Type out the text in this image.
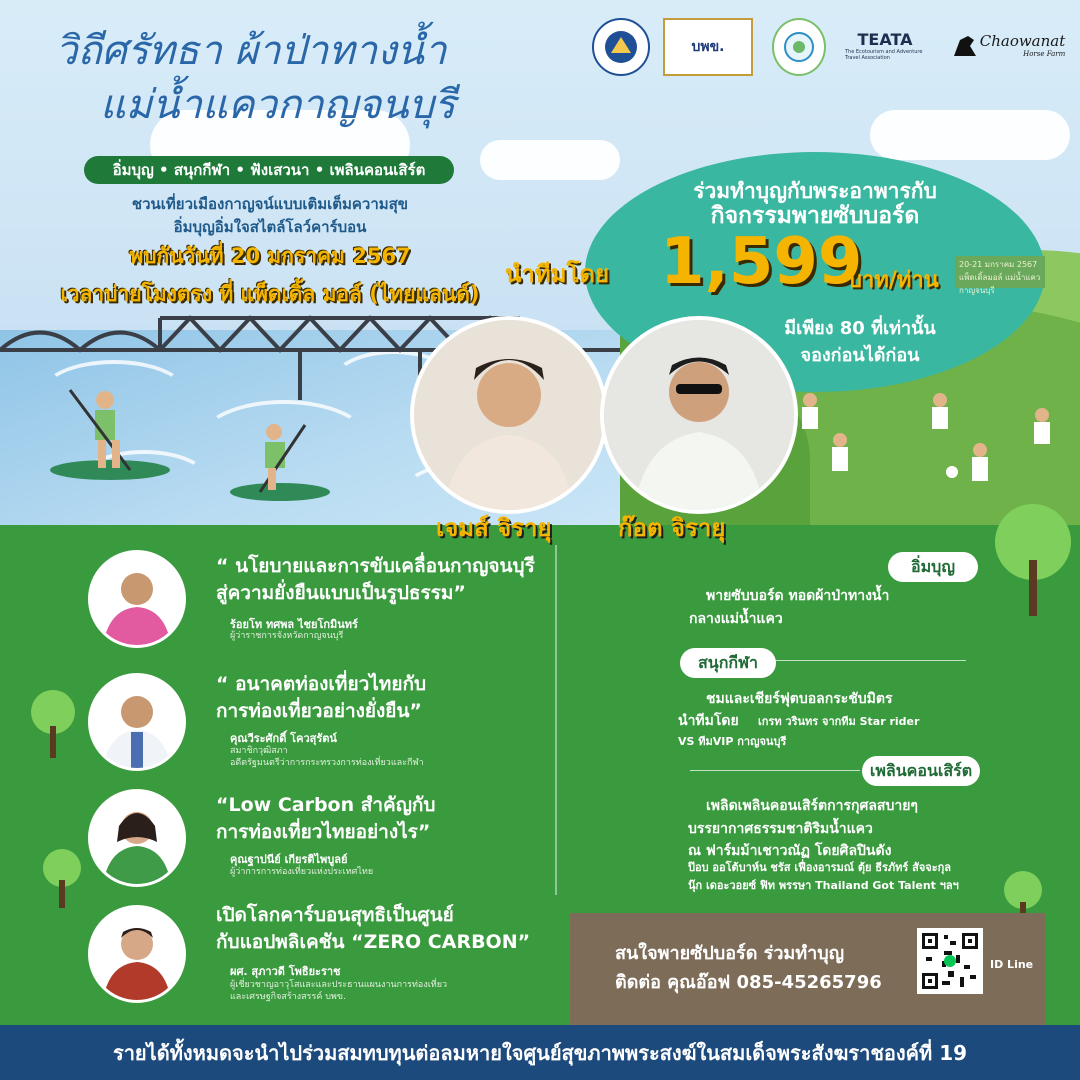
วิถีศรัทธา ผ้าป่าทางน้ำ
แม่น้ำแควกาญจนบุรี
บพข.	TEATA
The Ecotourism and Adventure Travel Association
Chaowanat
Horse Farm
อิ่มบุญ • สนุกกีฬา • ฟังเสวนา • เพลินคอนเสิร์ต
ชวนเที่ยวเมืองกาญจน์แบบเติมเต็มความสุข
อิ่มบุญอิ่มใจสไตล์โลว์คาร์บอน
พบกันวันที่ 20 มกราคม 2567
เวลาบ่ายโมงตรง ที่ แพ็ดเดิ้ล มอล์ (ไทยแลนด์)
20-21 มกราคม 2567
แพ็ดเดิ้ลมอล์ แม่น้ำแคว กาญจนบุรี
ร่วมทำบุญกับพระอาพารกับ
กิจกรรมพายซับบอร์ด
นำทีมโดย 1,599
บาท/ท่าน
มีเพียง 80 ที่เท่านั้น
จองก่อนได้ก่อน
เจมส์ จิรายุ	ก๊อต จิรายุ
“ นโยบายและการขับเคลื่อนกาญจนบุรี
สู่ความยั่งยืนแบบเป็นรูปธรรม”
ร้อยโท ทศพล ไชยโกมินทร์
ผู้ว่าราชการจังหวัดกาญจนบุรี
“ อนาคตท่องเที่ยวไทยกับ
การท่องเที่ยวอย่างยั่งยืน”
คุณวีระศักดิ์ โควสุรัตน์
สมาชิกวุฒิสภา
อดีตรัฐมนตรีว่าการกระทรวงการท่องเที่ยวและกีฬา
“Low Carbon สำคัญกับ
การท่องเที่ยวไทยอย่างไร”
คุณฐาปนีย์ เกียรติไพบูลย์
ผู้ว่าการการท่องเที่ยวแห่งประเทศไทย
เปิดโลกคาร์บอนสุทธิเป็นศูนย์
กับแอปพลิเคชัน “ZERO CARBON”
ผศ. สุภาวดี โพธิยะราช
ผู้เชี่ยวชาญอาวุโสและและประธานแผนงานการท่องเที่ยว
และเศรษฐกิจสร้างสรรค์ บพข.
อิ่มบุญ
พายซับบอร์ด ทอดผ้าป่าทางน้ำ
กลางแม่น้ำแคว
สนุกกีฬา
ชมและเชียร์ฟุตบอลกระชับมิตร
นำทีมโดย เกรท วรินทร จากทีม Star rider
VS ทีมVIP กาญจนบุรี
เพลินคอนเสิร์ต
เพลิดเพลินคอนเสิร์ตการกุศลสบายๆ
บรรยากาศธรรมชาติริมน้ำแคว
ณ ฟาร์มม้าเชาวณัฏ โดยศิลปินดัง
ป๊อบ ออโต้บาห์น ชรัส เฟื่องอารมณ์ ตุ้ย ธีรภัทร์ สัจจะกุล
นุ๊ก เดอะวอยซ์ ฟิท พรรษา Thailand Got Talent ฯลฯ
สนใจพายซัปบอร์ด ร่วมทำบุญ
ติดต่อ คุณอ๊อฟ 085-45265796
ID Line
รายได้ทั้งหมดจะนำไปร่วมสมทบทุนต่อลมหายใจศูนย์สุขภาพพระสงฆ์ในสมเด็จพระสังฆราชองค์ที่ 19
